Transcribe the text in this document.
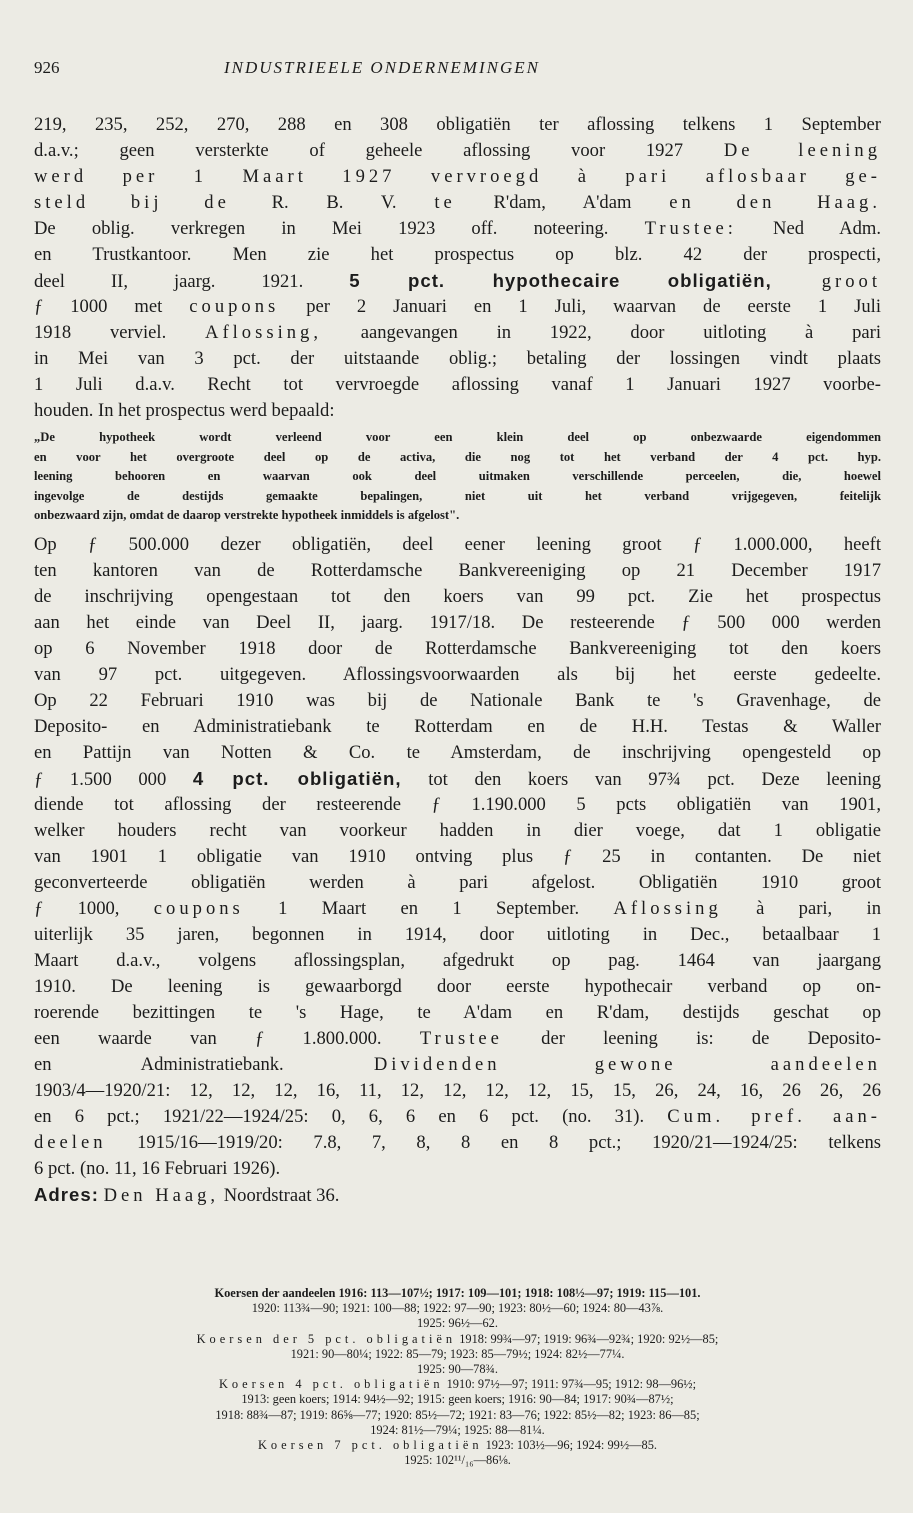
926	INDUSTRIEELE ONDERNEMINGEN

219, 235, 252, 270, 288 en 308 obligatiën ter aflossing telkens 1 September

d.a.v.; geen versterkte of geheele aflossing voor 1927 De leening

werd per 1 Maart 1927 vervroegd à pari aflosbaar ge-

steld bij de R. B. V. te R'dam, A'dam en den Haag.

De oblig. verkregen in Mei 1923 off. noteering. Trustee: Ned Adm.

en Trustkantoor. Men zie het prospectus op blz. 42 der prospecti,

deel II, jaarg. 1921. 5 pct. hypothecaire obligatiën, groot

ƒ 1000 met coupons per 2 Januari en 1 Juli, waarvan de eerste 1 Juli

1918 verviel. Aflossing, aangevangen in 1922, door uitloting à pari

in Mei van 3 pct. der uitstaande oblig.; betaling der lossingen vindt plaats

1 Juli d.a.v. Recht tot vervroegde aflossing vanaf 1 Januari 1927 voorbe-

houden. In het prospectus werd bepaald:

„De hypotheek wordt verleend voor een klein deel op onbezwaarde eigendommen

en voor het overgroote deel op de activa, die nog tot het verband der 4 pct. hyp.

leening behooren en waarvan ook deel uitmaken verschillende perceelen, die, hoewel

ingevolge de destijds gemaakte bepalingen, niet uit het verband vrijgegeven, feitelijk

onbezwaard zijn, omdat de daarop verstrekte hypotheek inmiddels is afgelost".

Op ƒ 500.000 dezer obligatiën, deel eener leening groot ƒ 1.000.000, heeft

ten kantoren van de Rotterdamsche Bankvereeniging op 21 December 1917

de inschrijving opengestaan tot den koers van 99 pct. Zie het prospectus

aan het einde van Deel II, jaarg. 1917/18. De resteerende ƒ 500 000 werden

op 6 November 1918 door de Rotterdamsche Bankvereeniging tot den koers

van 97 pct. uitgegeven. Aflossingsvoorwaarden als bij het eerste gedeelte.

Op 22 Februari 1910 was bij de Nationale Bank te 's Gravenhage, de

Deposito- en Administratiebank te Rotterdam en de H.H. Testas & Waller

en Pattijn van Notten & Co. te Amsterdam, de inschrijving opengesteld op

ƒ 1.500 000 4 pct. obligatiën, tot den koers van 97¾ pct. Deze leening

diende tot aflossing der resteerende ƒ 1.190.000 5 pcts obligatiën van 1901,

welker houders recht van voorkeur hadden in dier voege, dat 1 obligatie

van 1901 1 obligatie van 1910 ontving plus ƒ 25 in contanten. De niet

geconverteerde obligatiën werden à pari afgelost. Obligatiën 1910 groot

ƒ 1000, coupons 1 Maart en 1 September. Aflossing à pari, in

uiterlijk 35 jaren, begonnen in 1914, door uitloting in Dec., betaalbaar 1

Maart d.a.v., volgens aflossingsplan, afgedrukt op pag. 1464 van jaargang

1910. De leening is gewaarborgd door eerste hypothecair verband op on-

roerende bezittingen te 's Hage, te A'dam en R'dam, destijds geschat op

een waarde van ƒ 1.800.000. Trustee der leening is: de Deposito-

en Administratiebank. Dividenden gewone aandeelen

1903/4—1920/21: 12, 12, 12, 16, 11, 12, 12, 12, 12, 15, 15, 26, 24, 16, 26 26, 26

en 6 pct.; 1921/22—1924/25: 0, 6, 6 en 6 pct. (no. 31). Cum. pref. aan-

deelen 1915/16—1919/20: 7.8, 7, 8, 8 en 8 pct.; 1920/21—1924/25: telkens

6 pct. (no. 11, 16 Februari 1926).

Adres: Den Haag, Noordstraat 36.

Koersen der aandeelen 1916: 113—107½; 1917: 109—101; 1918: 108½—97; 1919: 115—101.

1920: 113¾—90; 1921: 100—88; 1922: 97—90; 1923: 80½—60; 1924: 80—43⅞.

1925: 96½—62.

Koersen der 5 pct. obligatiën 1918: 99¾—97; 1919: 96¾—92¾; 1920: 92½—85;

1921: 90—80¼; 1922: 85—79; 1923: 85—79½; 1924: 82½—77¼.

1925: 90—78¾.

Koersen 4 pct. obligatiën 1910: 97½—97; 1911: 97¾—95; 1912: 98—96½;

1913: geen koers; 1914: 94½—92; 1915: geen koers; 1916: 90—84; 1917: 90¾—87½;

1918: 88¾—87; 1919: 86⅝—77; 1920: 85½—72; 1921: 83—76; 1922: 85½—82; 1923: 86—85;

1924: 81½—79¼; 1925: 88—81¼.

Koersen 7 pct. obligatiën 1923: 103½—96; 1924: 99½—85.

1925: 102¹¹/₁₆—86⅛.
